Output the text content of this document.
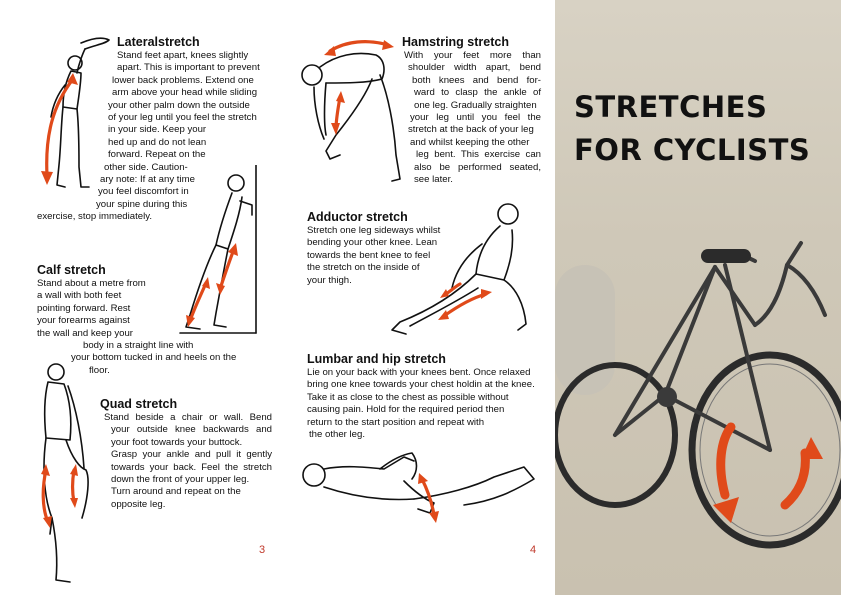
Lateralstretch
Stand feet apart, knees slightly
apart. This is important to prevent
lower back problems. Extend one
arm above your head while sliding
your other palm down the outside
of your leg until you feel the stretch
in your side. Keep your
hed up and do not lean
forward. Repeat on the
other side. Caution-
ary note: If at any time
you feel discomfort in
your spine during this
exercise, stop immediately.
Calf stretch
Stand about a metre from
a wall with both feet
pointing forward. Rest
your forearms against
the wall and keep your
body in a straight line with
your bottom tucked in and heels on the
floor.
Quad stretch
Stand beside a chair or wall. Bend
your outside knee backwards and
your foot towards your buttock.
Grasp your ankle and pull it gently
towards your back. Feel the stretch
down the front of your upper leg.
Turn around and repeat on the
opposite leg.
3
Hamstring stretch
With your feet more than
shoulder width apart, bend
both knees and bend for-
ward to clasp the ankle of
one leg. Gradually straighten
your leg until you feel the
stretch at the back of your leg
and whilst keeping the other
leg bent. This exercise can
also be performed seated,
see later.
Adductor stretch
Stretch one leg sideways whilst
bending your other knee. Lean
towards the bent knee to feel
the stretch on the inside of
your thigh.
Lumbar and hip stretch
Lie on your back with your knees bent. Once relaxed
bring one knee towards your chest holdin at the knee.
Take it as close to the chest as possible without
causing pain. Hold for the required period then
return to the start position and repeat with
the other leg.
4
STRETCHES
FOR CYCLISTS
